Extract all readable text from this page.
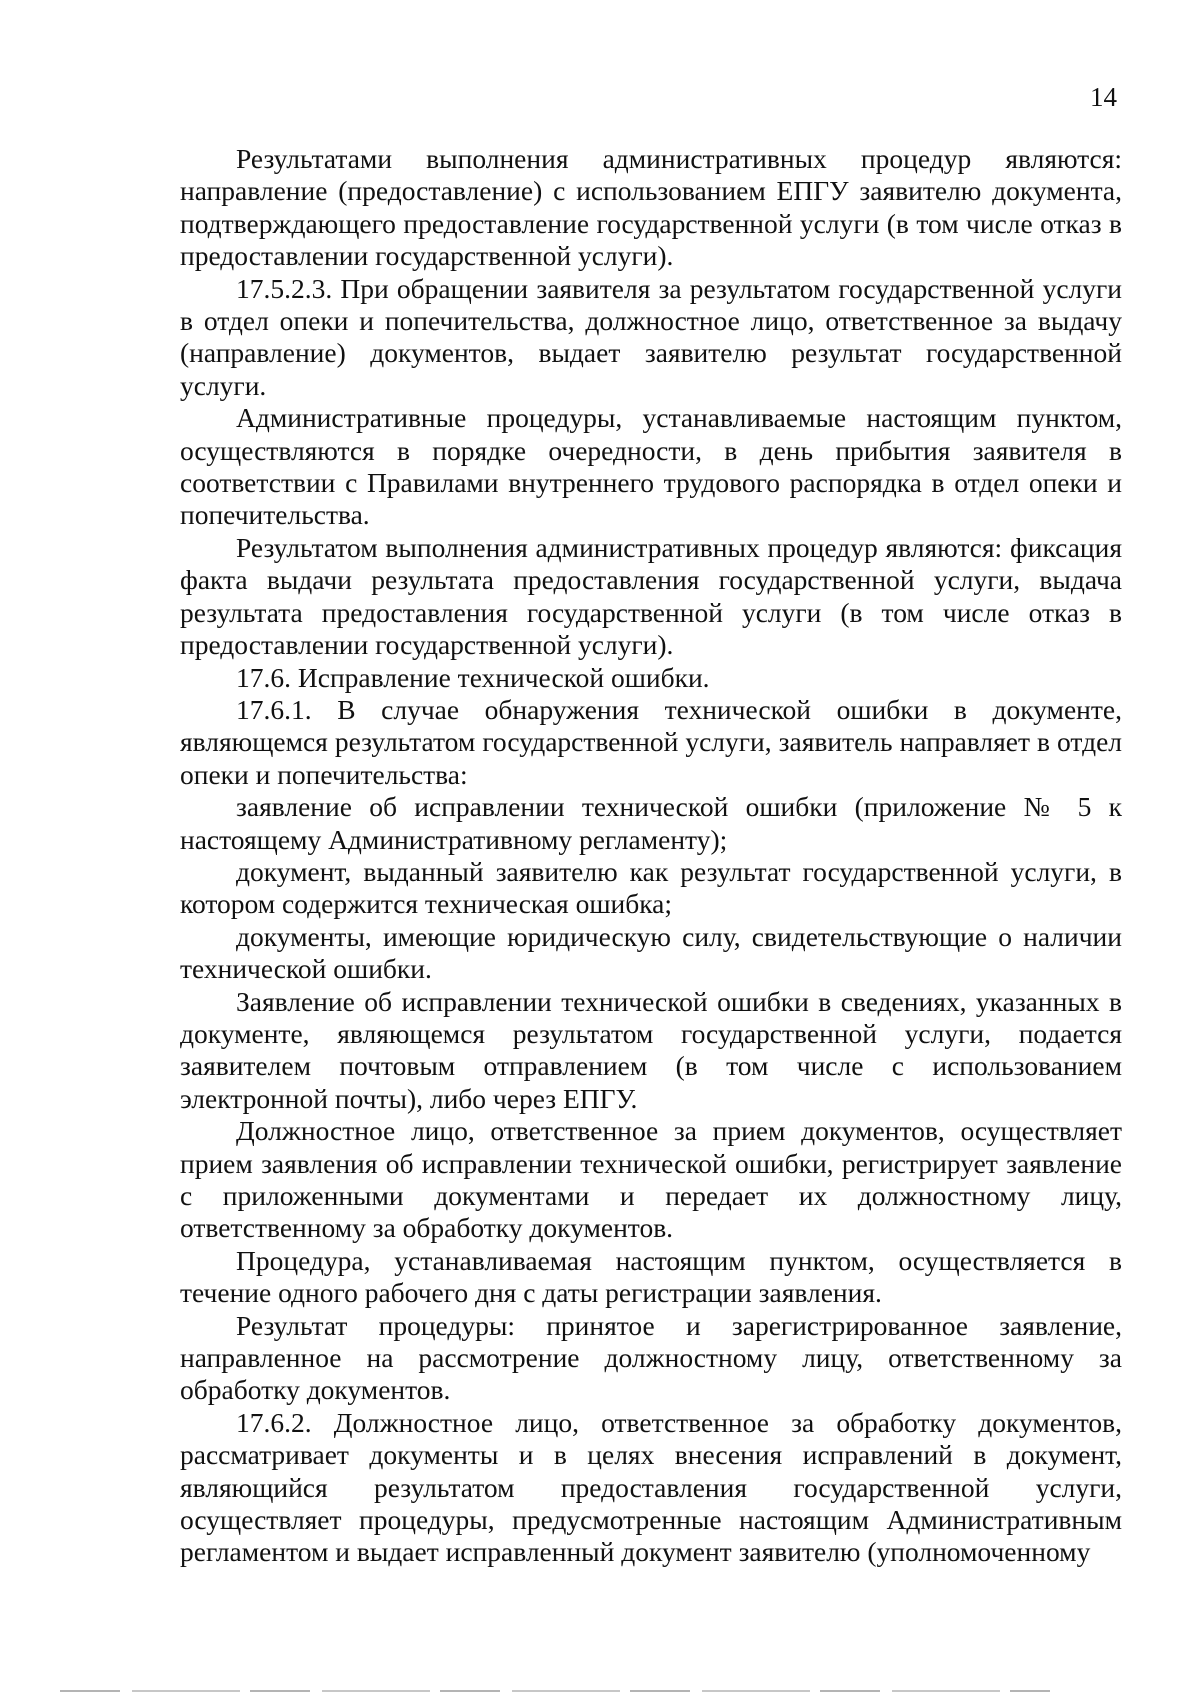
14

Результатами выполнения административных процедур являются: направление (предоставление) с использованием ЕПГУ заявителю документа, подтверждающего предоставление государственной услуги (в том числе отказ в предоставлении государственной услуги).

17.5.2.3. При обращении заявителя за результатом государственной услуги в отдел опеки и попечительства, должностное лицо, ответственное за выдачу (направление) документов, выдает заявителю результат государственной услуги.

Административные процедуры, устанавливаемые настоящим пунктом, осуществляются в порядке очередности, в день прибытия заявителя в соответствии с Правилами внутреннего трудового распорядка в отдел опеки и попечительства.

Результатом выполнения административных процедур являются: фиксация факта выдачи результата предоставления государственной услуги, выдача результата предоставления государственной услуги (в том числе отказ в предоставлении государственной услуги).

17.6. Исправление технической ошибки.

17.6.1. В случае обнаружения технической ошибки в документе, являющемся результатом государственной услуги, заявитель направляет в отдел опеки и попечительства:

заявление об исправлении технической ошибки (приложение № 5 к настоящему Административному регламенту);

документ, выданный заявителю как результат государственной услуги, в котором содержится техническая ошибка;

документы, имеющие юридическую силу, свидетельствующие о наличии технической ошибки.

Заявление об исправлении технической ошибки в сведениях, указанных в документе, являющемся результатом государственной услуги, подается заявителем почтовым отправлением (в том числе с использованием электронной почты), либо через ЕПГУ.

Должностное лицо, ответственное за прием документов, осуществляет прием заявления об исправлении технической ошибки, регистрирует заявление с приложенными документами и передает их должностному лицу, ответственному за обработку документов.

Процедура, устанавливаемая настоящим пунктом, осуществляется в течение одного рабочего дня с даты регистрации заявления.

Результат процедуры: принятое и зарегистрированное заявление, направленное на рассмотрение должностному лицу, ответственному за обработку документов.

17.6.2. Должностное лицо, ответственное за обработку документов, рассматривает документы и в целях внесения исправлений в документ, являющийся результатом предоставления государственной услуги, осуществляет процедуры, предусмотренные настоящим Административным регламентом и выдает исправленный документ заявителю (уполномоченному
